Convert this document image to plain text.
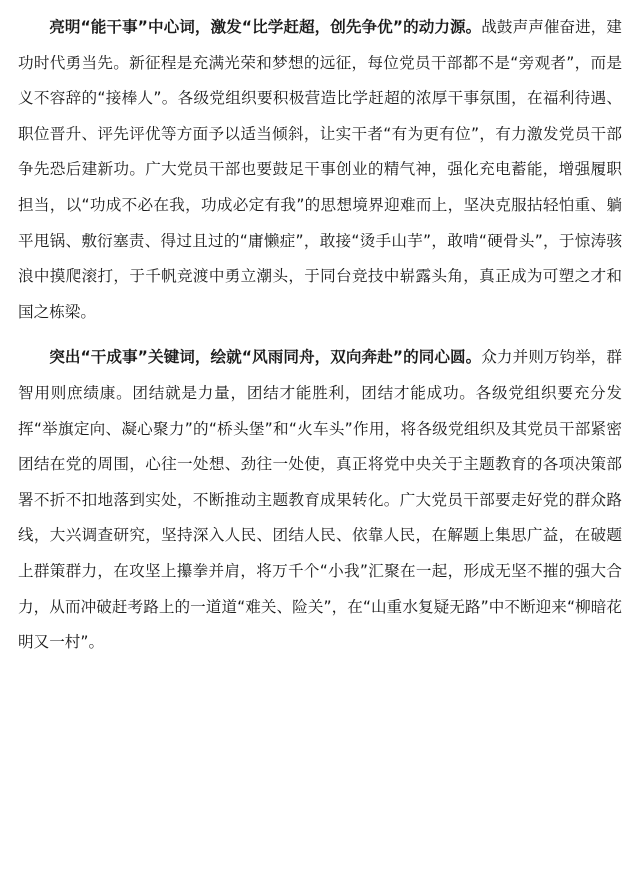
亮明“能干事”中心词，激发“比学赶超，创先争优”的动力源。战鼓声声催奋进，建功时代勇当先。新征程是充满光荣和梦想的远征，每位党员干部都不是“旁观者”，而是义不容辞的“接棒人”。各级党组织要积极营造比学赶超的浓厚干事氛围，在福利待遇、职位晋升、评先评优等方面予以适当倾斜，让实干者“有为更有位”，有力激发党员干部争先恐后建新功。广大党员干部也要鼓足干事创业的精气神，强化充电蓄能，增强履职担当，以“功成不必在我，功成必定有我”的思想境界迎难而上，坚决克服拈轻怕重、躺平甩锅、敷衍塞责、得过且过的“庸懒症”，敢接“烫手山芋”，敢啃“硬骨头”，于惊涛骇浪中摸爬滚打，于千帆竞渡中勇立潮头，于同台竞技中崭露头角，真正成为可塑之才和国之栋梁。

突出“干成事”关键词，绘就“风雨同舟，双向奔赴”的同心圆。众力并则万钧举，群智用则庶绩康。团结就是力量，团结才能胜利，团结才能成功。各级党组织要充分发挥“举旗定向、凝心聚力”的“桥头堡”和“火车头”作用，将各级党组织及其党员干部紧密团结在党的周围，心往一处想、劲往一处使，真正将党中央关于主题教育的各项决策部署不折不扣地落到实处，不断推动主题教育成果转化。广大党员干部要走好党的群众路线，大兴调查研究，坚持深入人民、团结人民、依靠人民，在解题上集思广益，在破题上群策群力，在攻坚上攥拳并肩，将万千个“小我”汇聚在一起，形成无坚不摧的强大合力，从而冲破赶考路上的一道道“难关、险关”，在“山重水复疑无路”中不断迎来“柳暗花明又一村”。
